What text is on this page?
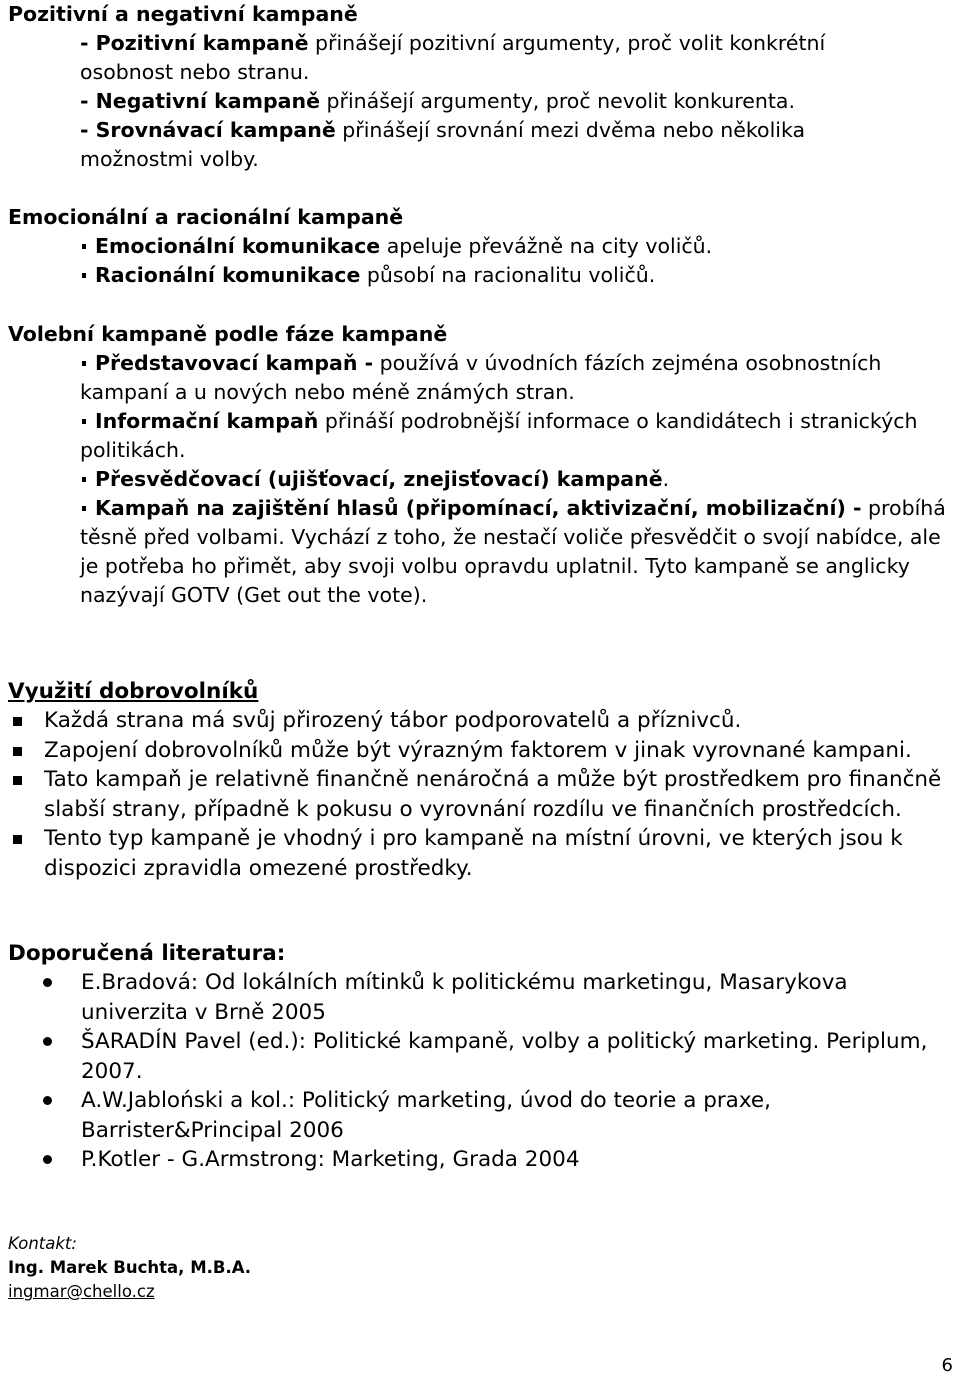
Pozitivní a negativní kampaně
- Pozitivní kampaně přinášejí pozitivní argumenty, proč volit konkrétní osobnost nebo stranu.
- Negativní kampaně přinášejí argumenty, proč nevolit konkurenta.
- Srovnávací kampaně přinášejí srovnání mezi dvěma nebo několika možnostmi volby.
Emocionální a racionální kampaně
Emocionální komunikace apeluje převážně na city voličů.
Racionální komunikace působí na racionalitu voličů.
Volební kampaně podle fáze kampaně
Představovací kampaň - používá v úvodních fázích zejména osobnostních kampaní a u nových nebo méně známých stran.
Informační kampaň přináší podrobnější informace o kandidátech i stranických politikách.
Přesvědčovací (ujišťovací, znejisťovací) kampaně.
Kampaň na zajištění hlasů (připomínací, aktivizační, mobilizační) - probíhá těsně před volbami. Vychází z toho, že nestačí voliče přesvědčit o svojí nabídce, ale je potřeba ho přimět, aby svoji volbu opravdu uplatnil. Tyto kampaně se anglicky nazývají GOTV (Get out the vote).
Využití dobrovolníků
Každá strana má svůj přirozený tábor podporovatelů a příznivců.
Zapojení dobrovolníků může být výrazným faktorem v jinak vyrovnané kampani.
Tato kampaň je relativně finančně nenáročná a může být prostředkem pro finančně slabší strany, případně k pokusu o vyrovnání rozdílu ve finančních prostředcích.
Tento typ kampaně je vhodný i pro kampaně na místní úrovni, ve kterých jsou k dispozici zpravidla omezené prostředky.
Doporučená literatura:
E.Bradová: Od lokálních mítinků k politickému marketingu, Masarykova univerzita v Brně 2005
ŠARADÍN Pavel (ed.): Politické kampaně, volby a politický marketing. Periplum, 2007.
A.W.Jabloński a kol.: Politický marketing, úvod do teorie a praxe, Barrister&Principal 2006
P.Kotler - G.Armstrong: Marketing, Grada 2004
Kontakt:
Ing. Marek Buchta, M.B.A.
ingmar@chello.cz
6
